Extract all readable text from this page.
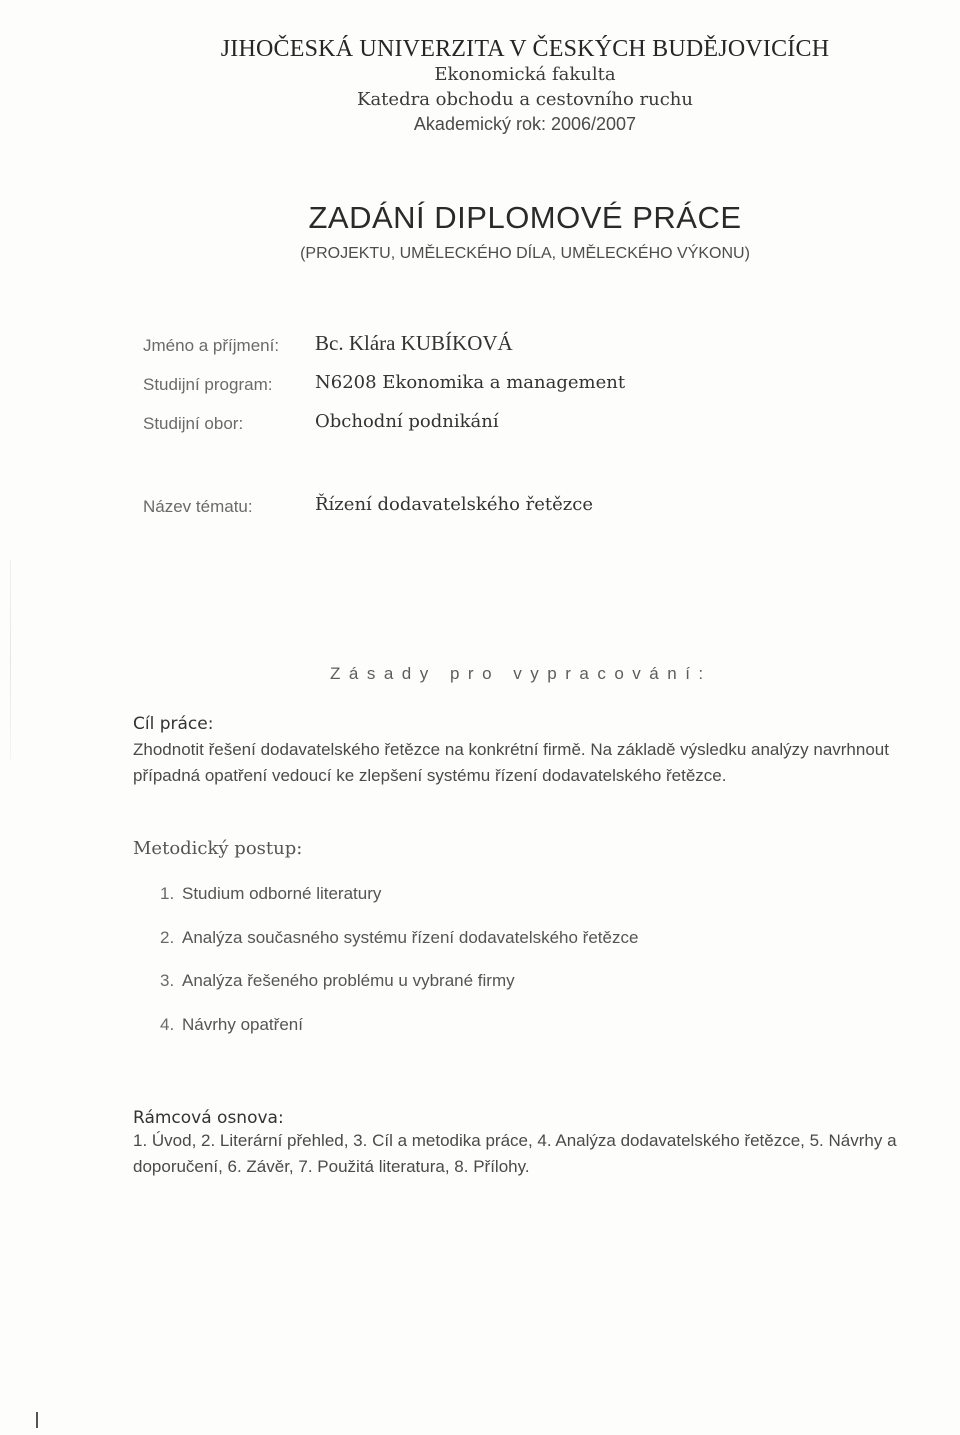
JIHOČESKÁ UNIVERZITA V ČESKÝCH BUDĚJOVICÍCH
Ekonomická fakulta
Katedra obchodu a cestovního ruchu
Akademický rok: 2006/2007
ZADÁNÍ DIPLOMOVÉ PRÁCE
(PROJEKTU, UMĚLECKÉHO DÍLA, UMĚLECKÉHO VÝKONU)
Jméno a příjmení: Bc. Klára KUBÍKOVÁ
Studijní program: N6208 Ekonomika a management
Studijní obor:	Obchodní podnikání
Název tématu:	Řízení dodavatelského řetězce
Zásady pro vypracování:
Cíl práce:
Zhodnotit řešení dodavatelského řetězce na konkrétní firmě. Na základě výsledku analýzy navrhnout případná opatření vedoucí ke zlepšení systému řízení dodavatelského řetězce.
Metodický postup:
1. Studium odborné literatury
2. Analýza současného systému řízení dodavatelského řetězce
3. Analýza řešeného problému u vybrané firmy
4. Návrhy opatření
Rámcová osnova:
1. Úvod, 2. Literární přehled, 3. Cíl a metodika práce, 4. Analýza dodavatelského řetězce, 5. Návrhy a doporučení, 6. Závěr, 7. Použitá literatura, 8. Přílohy.
